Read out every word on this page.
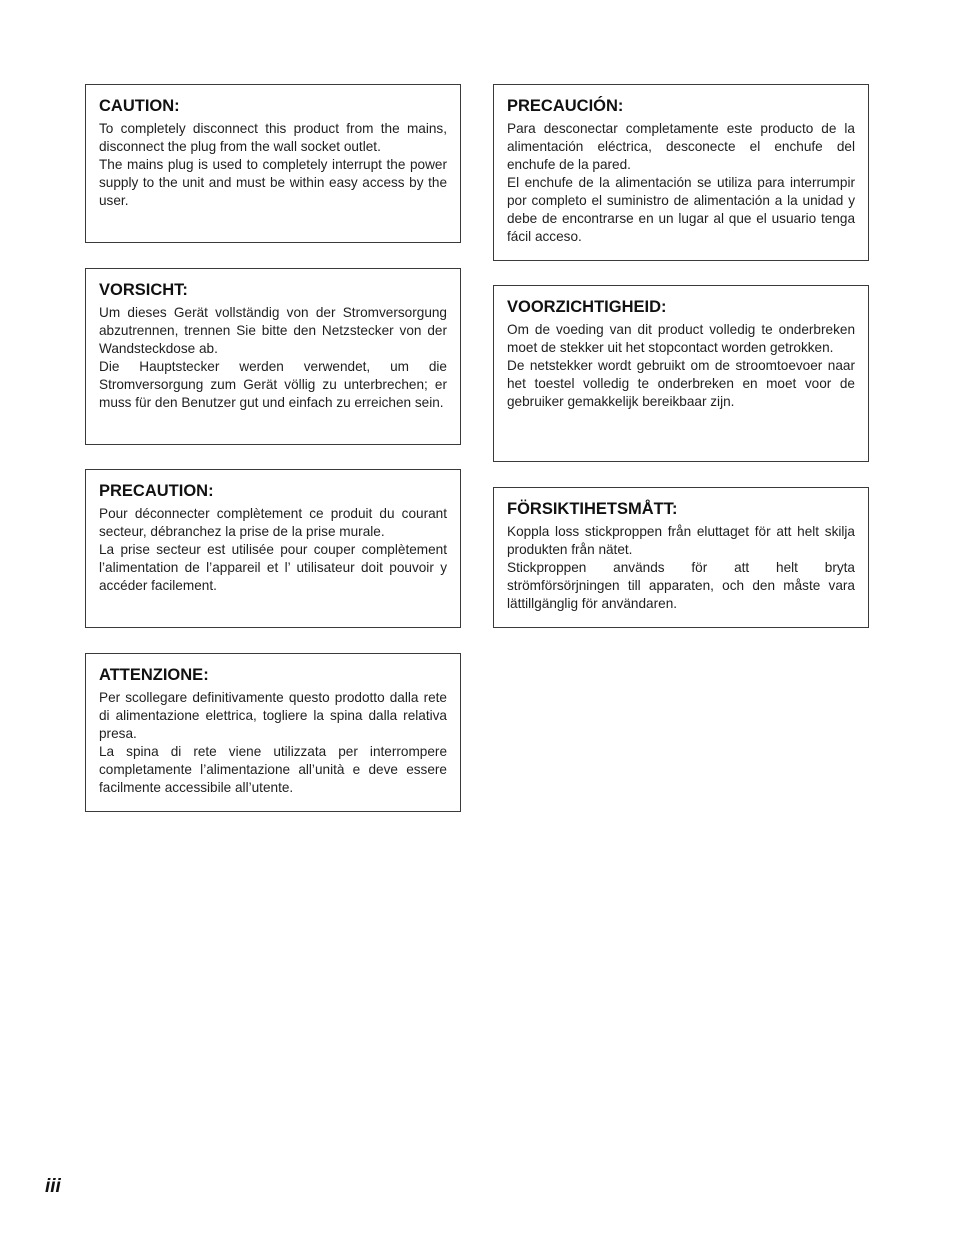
CAUTION:

To completely disconnect this product from the mains, disconnect the plug from the wall socket outlet.

The mains plug is used to completely interrupt the power supply to the unit and must be within easy access by the user.

VORSICHT:

Um dieses Gerät vollständig von der Stromversorgung abzutrennen, trennen Sie bitte den Netzstecker von der Wandsteckdose ab.

Die Hauptstecker werden verwendet, um die Stromversorgung zum Gerät völlig zu unterbrechen; er muss für den Benutzer gut und einfach zu erreichen sein.

PRECAUTION:

Pour déconnecter complètement ce produit du courant secteur, débranchez la prise de la prise murale.

La prise secteur est utilisée pour couper complètement l’alimentation de l’appareil et l’ utilisateur doit pouvoir y accéder facilement.

ATTENZIONE:

Per scollegare definitivamente questo prodotto dalla rete di alimentazione elettrica, togliere la spina dalla relativa presa.

La spina di rete viene utilizzata per interrompere completamente l’alimentazione all’unità e deve essere facilmente accessibile all’utente.

PRECAUCIÓN:

Para desconectar completamente este producto de la alimentación eléctrica, desconecte el enchufe del enchufe de la pared.

El enchufe de la alimentación se utiliza para interrumpir por completo el suministro de alimentación a la unidad y debe de encontrarse en un lugar al que el usuario tenga fácil acceso.

VOORZICHTIGHEID:

Om de voeding van dit product volledig te onderbreken moet de stekker uit het stopcontact worden getrokken.

De netstekker wordt gebruikt om de stroomtoevoer naar het toestel volledig te onderbreken en moet voor de gebruiker gemakkelijk bereikbaar zijn.

FÖRSIKTIHETSMÅTT:

Koppla loss stickproppen från eluttaget för att helt skilja produkten från nätet.

Stickproppen används för att helt bryta strömförsörjningen till apparaten, och den måste vara lättillgänglig för användaren.

iii
